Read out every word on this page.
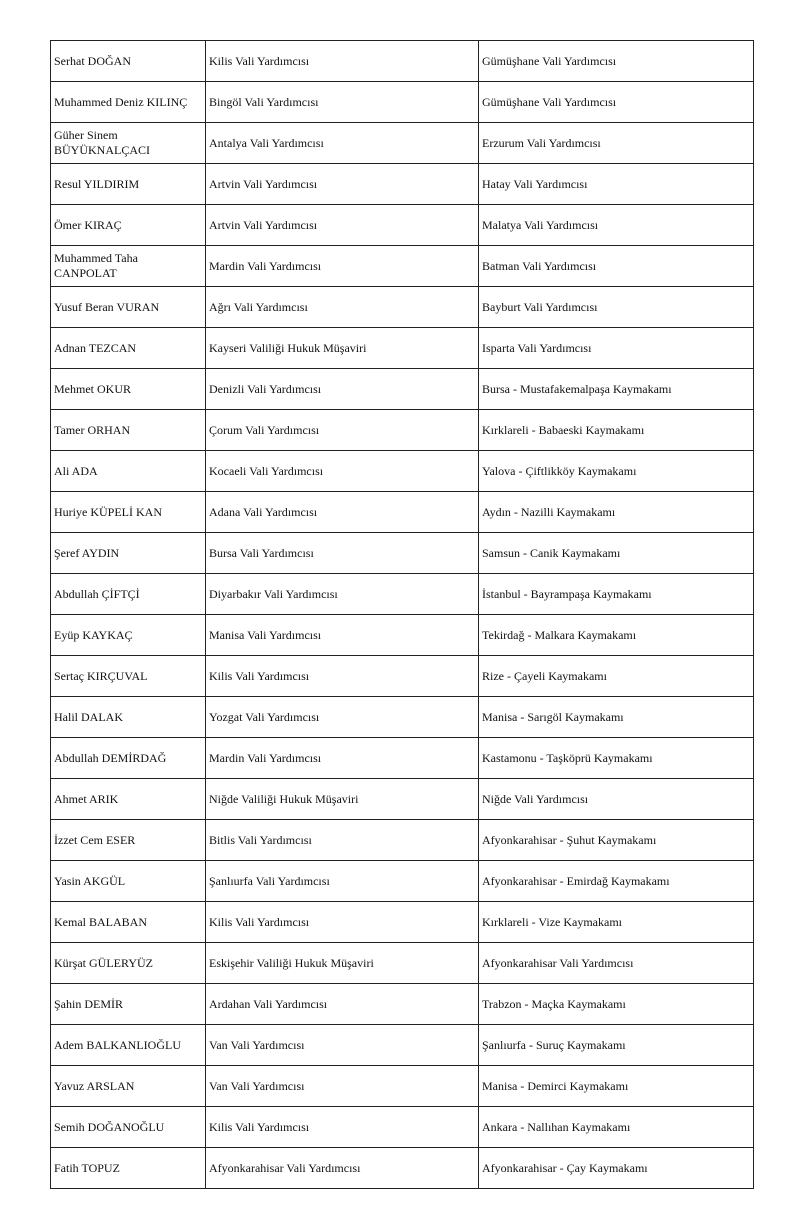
Serhat DOĞAN	Kilis Vali Yardımcısı	Gümüşhane Vali Yardımcısı
Muhammed Deniz KILINÇ	Bingöl Vali Yardımcısı	Gümüşhane Vali Yardımcısı
Güher Sinem BÜYÜKNALÇACI	Antalya Vali Yardımcısı	Erzurum Vali Yardımcısı
Resul YILDIRIM	Artvin Vali Yardımcısı	Hatay Vali Yardımcısı
Ömer KIRAÇ	Artvin Vali Yardımcısı	Malatya Vali Yardımcısı
Muhammed Taha CANPOLAT	Mardin Vali Yardımcısı	Batman Vali Yardımcısı
Yusuf Beran VURAN	Ağrı Vali Yardımcısı	Bayburt Vali Yardımcısı
Adnan TEZCAN	Kayseri Valiliği Hukuk Müşaviri	Isparta Vali Yardımcısı
Mehmet OKUR	Denizli Vali Yardımcısı	Bursa - Mustafakemalpaşa Kaymakamı
Tamer ORHAN	Çorum Vali Yardımcısı	Kırklareli - Babaeski Kaymakamı
Ali ADA	Kocaeli Vali Yardımcısı	Yalova - Çiftlikköy Kaymakamı
Huriye KÜPELİ KAN	Adana Vali Yardımcısı	Aydın - Nazilli Kaymakamı
Şeref AYDIN	Bursa Vali Yardımcısı	Samsun - Canik Kaymakamı
Abdullah ÇİFTÇİ	Diyarbakır Vali Yardımcısı	İstanbul - Bayrampaşa Kaymakamı
Eyüp KAYKAÇ	Manisa Vali Yardımcısı	Tekirdağ - Malkara Kaymakamı
Sertaç KIRÇUVAL	Kilis Vali Yardımcısı	Rize - Çayeli Kaymakamı
Halil DALAK	Yozgat Vali Yardımcısı	Manisa - Sarıgöl Kaymakamı
Abdullah DEMİRDAĞ	Mardin Vali Yardımcısı	Kastamonu - Taşköprü Kaymakamı
Ahmet ARIK	Niğde Valiliği Hukuk Müşaviri	Niğde Vali Yardımcısı
İzzet Cem ESER	Bitlis Vali Yardımcısı	Afyonkarahisar - Şuhut Kaymakamı
Yasin AKGÜL	Şanlıurfa Vali Yardımcısı	Afyonkarahisar - Emirdağ Kaymakamı
Kemal BALABAN	Kilis Vali Yardımcısı	Kırklareli - Vize Kaymakamı
Kürşat GÜLERYÜZ	Eskişehir Valiliği Hukuk Müşaviri	Afyonkarahisar Vali Yardımcısı
Şahin DEMİR	Ardahan Vali Yardımcısı	Trabzon - Maçka Kaymakamı
Adem BALKANLIOĞLU	Van Vali Yardımcısı	Şanlıurfa - Suruç Kaymakamı
Yavuz ARSLAN	Van Vali Yardımcısı	Manisa - Demirci Kaymakamı
Semih DOĞANOĞLU	Kilis Vali Yardımcısı	Ankara - Nallıhan Kaymakamı
Fatih TOPUZ	Afyonkarahisar Vali Yardımcısı	Afyonkarahisar - Çay Kaymakamı
